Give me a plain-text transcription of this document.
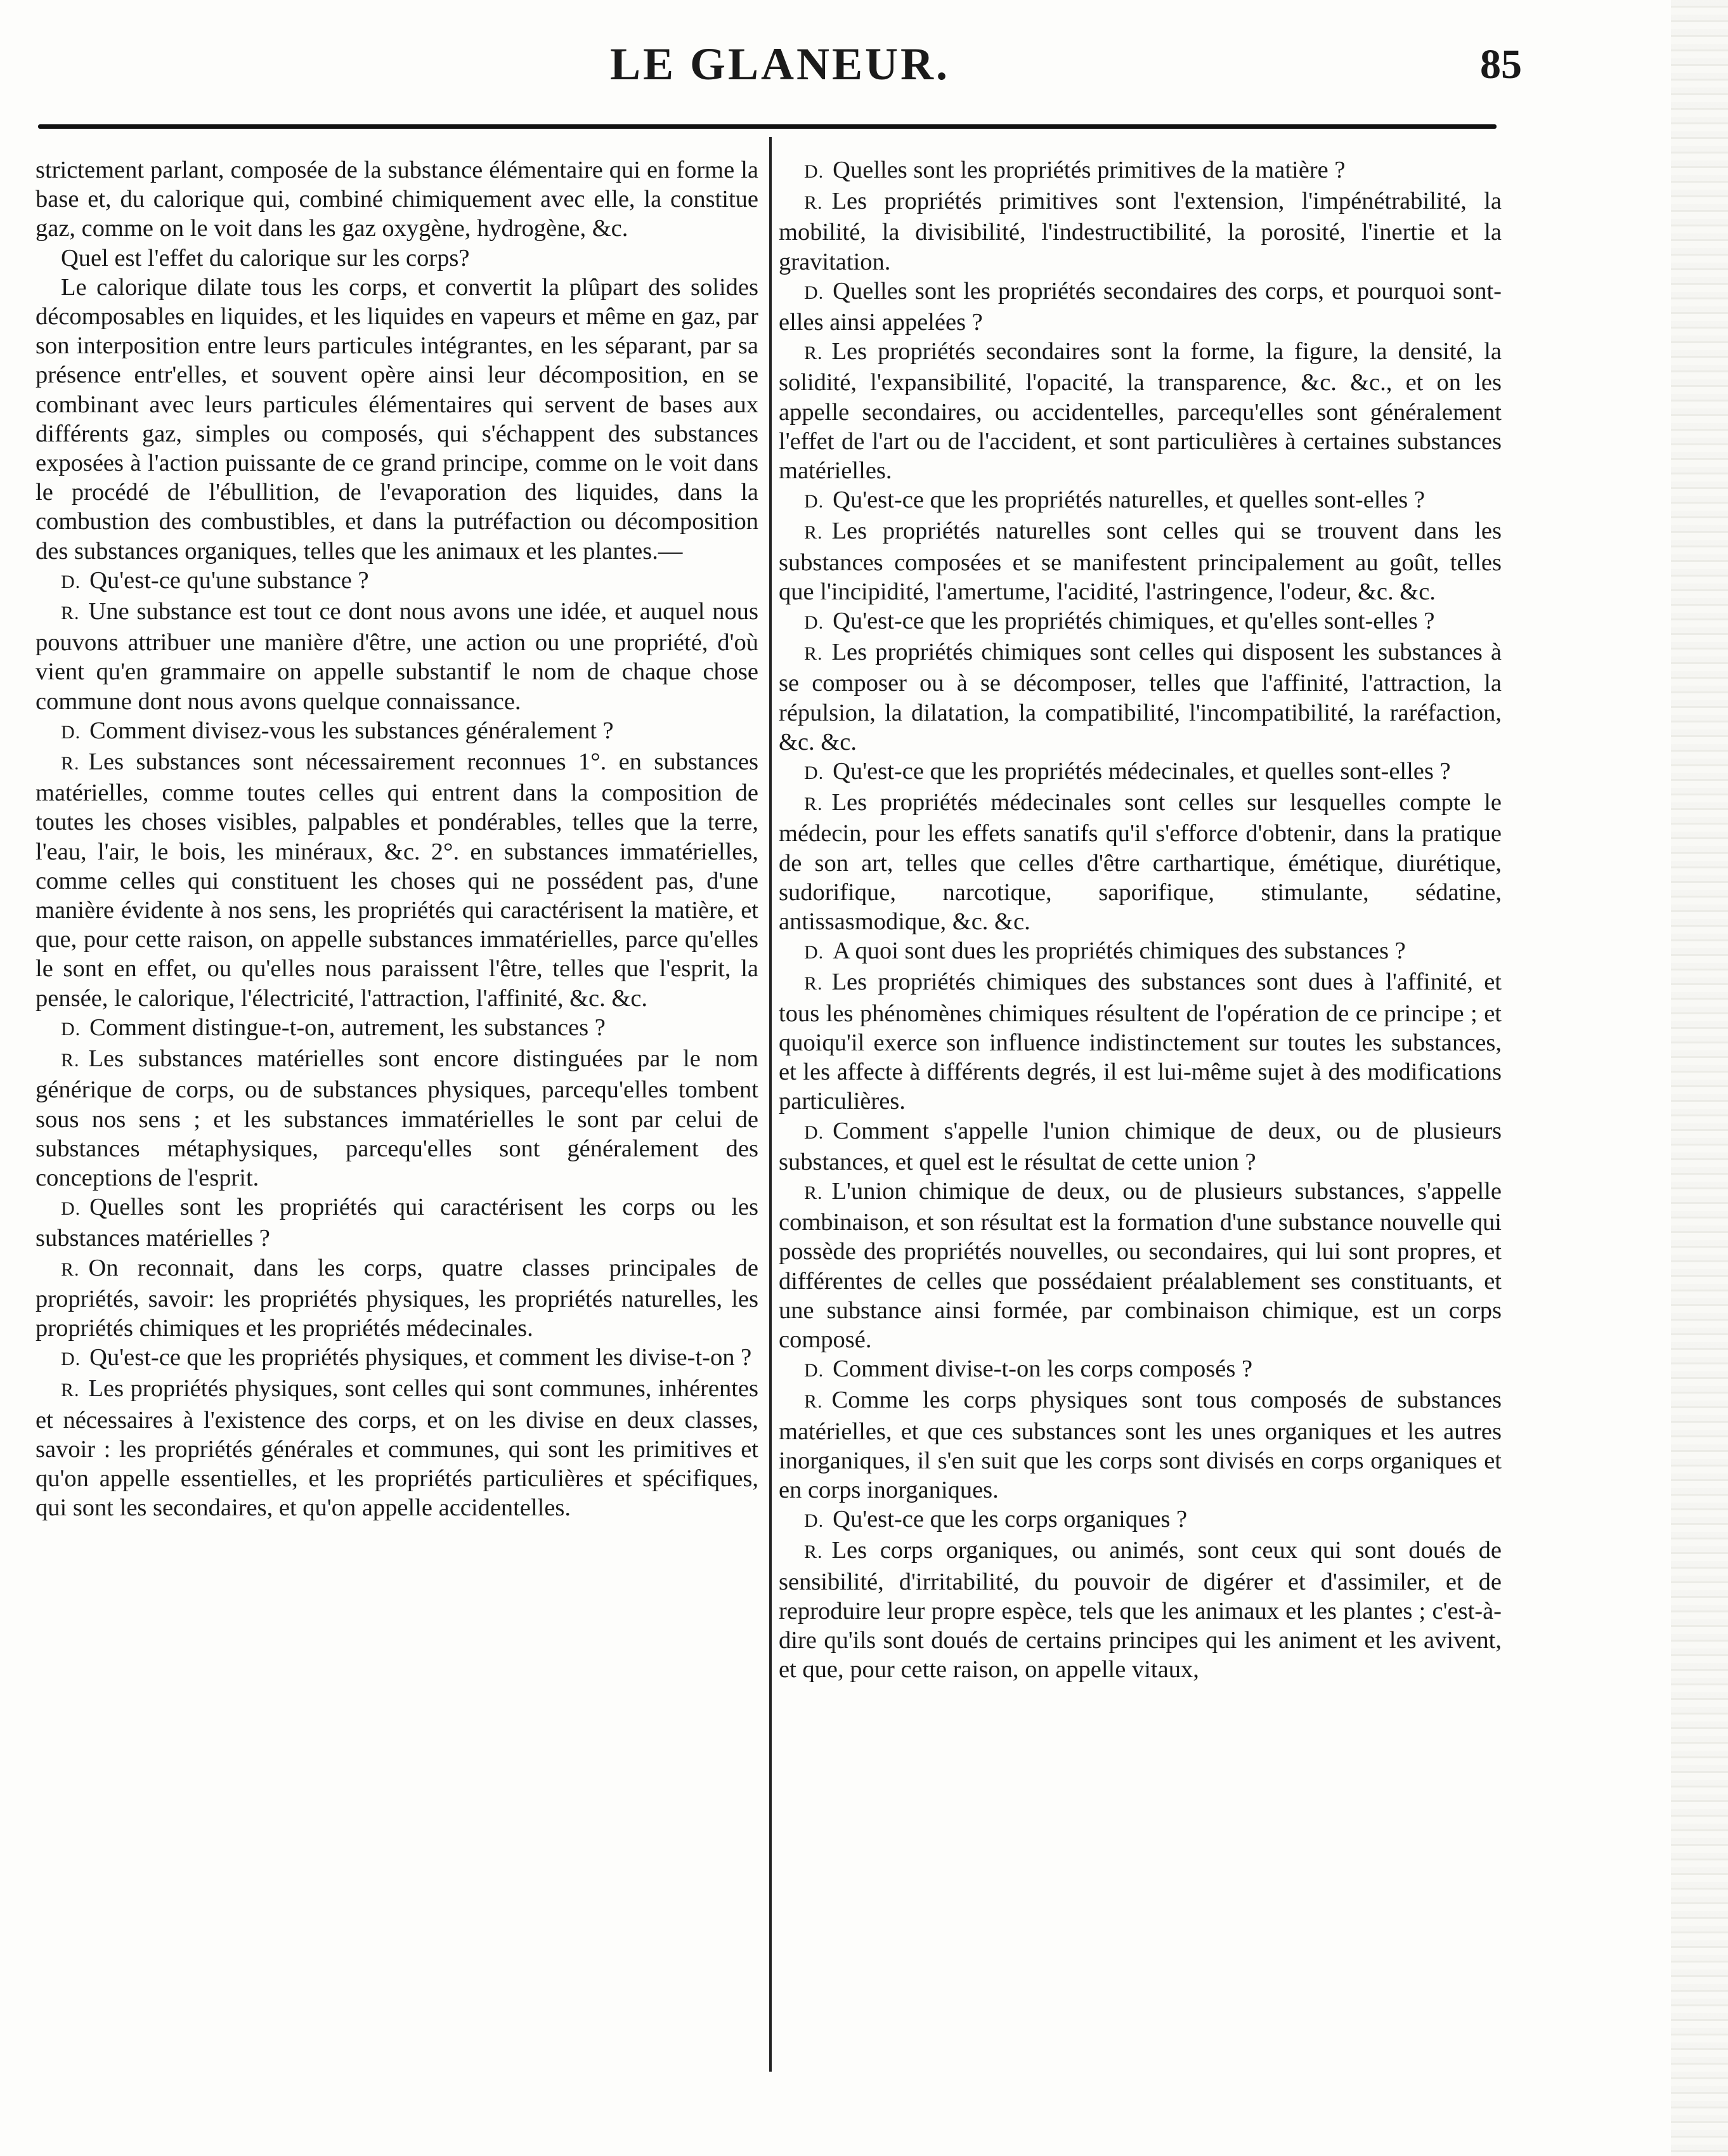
LE GLANEUR.	85

strictement parlant, composée de la substance élémentaire qui en forme la base et, du calorique qui, combiné chimiquement avec elle, la constitue gaz, comme on le voit dans les gaz oxygène, hydrogène, &c.

Quel est l'effet du calorique sur les corps?

Le calorique dilate tous les corps, et convertit la plûpart des solides décomposables en liquides, et les liquides en vapeurs et même en gaz, par son interposition entre leurs particules intégrantes, en les séparant, par sa présence entr'elles, et souvent opère ainsi leur décomposition, en se combinant avec leurs particules élémentaires qui servent de bases aux différents gaz, simples ou composés, qui s'échappent des substances exposées à l'action puissante de ce grand principe, comme on le voit dans le procédé de l'ébullition, de l'evaporation des liquides, dans la combustion des combustibles, et dans la putréfaction ou décomposition des substances organiques, telles que les animaux et les plantes.—

D. Qu'est-ce qu'une substance ?

R. Une substance est tout ce dont nous avons une idée, et auquel nous pouvons attribuer une manière d'être, une action ou une propriété, d'où vient qu'en grammaire on appelle substantif le nom de chaque chose commune dont nous avons quelque connaissance.

D. Comment divisez-vous les substances généralement ?

R. Les substances sont nécessairement reconnues 1°. en substances matérielles, comme toutes celles qui entrent dans la composition de toutes les choses visibles, palpables et pondérables, telles que la terre, l'eau, l'air, le bois, les minéraux, &c. 2°. en substances immatérielles, comme celles qui constituent les choses qui ne possédent pas, d'une manière évidente à nos sens, les propriétés qui caractérisent la matière, et que, pour cette raison, on appelle substances immatérielles, parce qu'elles le sont en effet, ou qu'elles nous paraissent l'être, telles que l'esprit, la pensée, le calorique, l'électricité, l'attraction, l'affinité, &c. &c.

D. Comment distingue-t-on, autrement, les substances ?

R. Les substances matérielles sont encore distinguées par le nom générique de corps, ou de substances physiques, parcequ'elles tombent sous nos sens ; et les substances immatérielles le sont par celui de substances métaphysiques, parcequ'elles sont généralement des conceptions de l'esprit.

D. Quelles sont les propriétés qui caractérisent les corps ou les substances matérielles ?

R. On reconnait, dans les corps, quatre classes principales de propriétés, savoir: les propriétés physiques, les propriétés naturelles, les propriétés chimiques et les propriétés médecinales.

D. Qu'est-ce que les propriétés physiques, et comment les divise-t-on ?

R. Les propriétés physiques, sont celles qui sont communes, inhérentes et nécessaires à l'existence des corps, et on les divise en deux classes, savoir : les propriétés générales et communes, qui sont les primitives et qu'on appelle essentielles, et les propriétés particulières et spécifiques, qui sont les secondaires, et qu'on appelle accidentelles.

D. Quelles sont les propriétés primitives de la matière ?

R. Les propriétés primitives sont l'extension, l'impénétrabilité, la mobilité, la divisibilité, l'indestructibilité, la porosité, l'inertie et la gravitation.

D. Quelles sont les propriétés secondaires des corps, et pourquoi sont-elles ainsi appelées ?

R. Les propriétés secondaires sont la forme, la figure, la densité, la solidité, l'expansibilité, l'opacité, la transparence, &c. &c., et on les appelle secondaires, ou accidentelles, parcequ'elles sont généralement l'effet de l'art ou de l'accident, et sont particulières à certaines substances matérielles.

D. Qu'est-ce que les propriétés naturelles, et quelles sont-elles ?

R. Les propriétés naturelles sont celles qui se trouvent dans les substances composées et se manifestent principalement au goût, telles que l'incipidité, l'amertume, l'acidité, l'astringence, l'odeur, &c. &c.

D. Qu'est-ce que les propriétés chimiques, et qu'elles sont-elles ?

R. Les propriétés chimiques sont celles qui disposent les substances à se composer ou à se décomposer, telles que l'affinité, l'attraction, la répulsion, la dilatation, la compatibilité, l'incompatibilité, la raréfaction, &c. &c.

D. Qu'est-ce que les propriétés médecinales, et quelles sont-elles ?

R. Les propriétés médecinales sont celles sur lesquelles compte le médecin, pour les effets sanatifs qu'il s'efforce d'obtenir, dans la pratique de son art, telles que celles d'être carthartique, émétique, diurétique, sudorifique, narcotique, saporifique, stimulante, sédatine, antissasmodique, &c. &c.

D. A quoi sont dues les propriétés chimiques des substances ?

R. Les propriétés chimiques des substances sont dues à l'affinité, et tous les phénomènes chimiques résultent de l'opération de ce principe ; et quoiqu'il exerce son influence indistinctement sur toutes les substances, et les affecte à différents degrés, il est lui-même sujet à des modifications particulières.

D. Comment s'appelle l'union chimique de deux, ou de plusieurs substances, et quel est le résultat de cette union ?

R. L'union chimique de deux, ou de plusieurs substances, s'appelle combinaison, et son résultat est la formation d'une substance nouvelle qui possède des propriétés nouvelles, ou secondaires, qui lui sont propres, et différentes de celles que possédaient préalablement ses constituants, et une substance ainsi formée, par combinaison chimique, est un corps composé.

D. Comment divise-t-on les corps composés ?

R. Comme les corps physiques sont tous composés de substances matérielles, et que ces substances sont les unes organiques et les autres inorganiques, il s'en suit que les corps sont divisés en corps organiques et en corps inorganiques.

D. Qu'est-ce que les corps organiques ?

R. Les corps organiques, ou animés, sont ceux qui sont doués de sensibilité, d'irritabilité, du pouvoir de digérer et d'assimiler, et de reproduire leur propre espèce, tels que les animaux et les plantes ; c'est-à-dire qu'ils sont doués de certains principes qui les animent et les avivent, et que, pour cette raison, on appelle vitaux,
